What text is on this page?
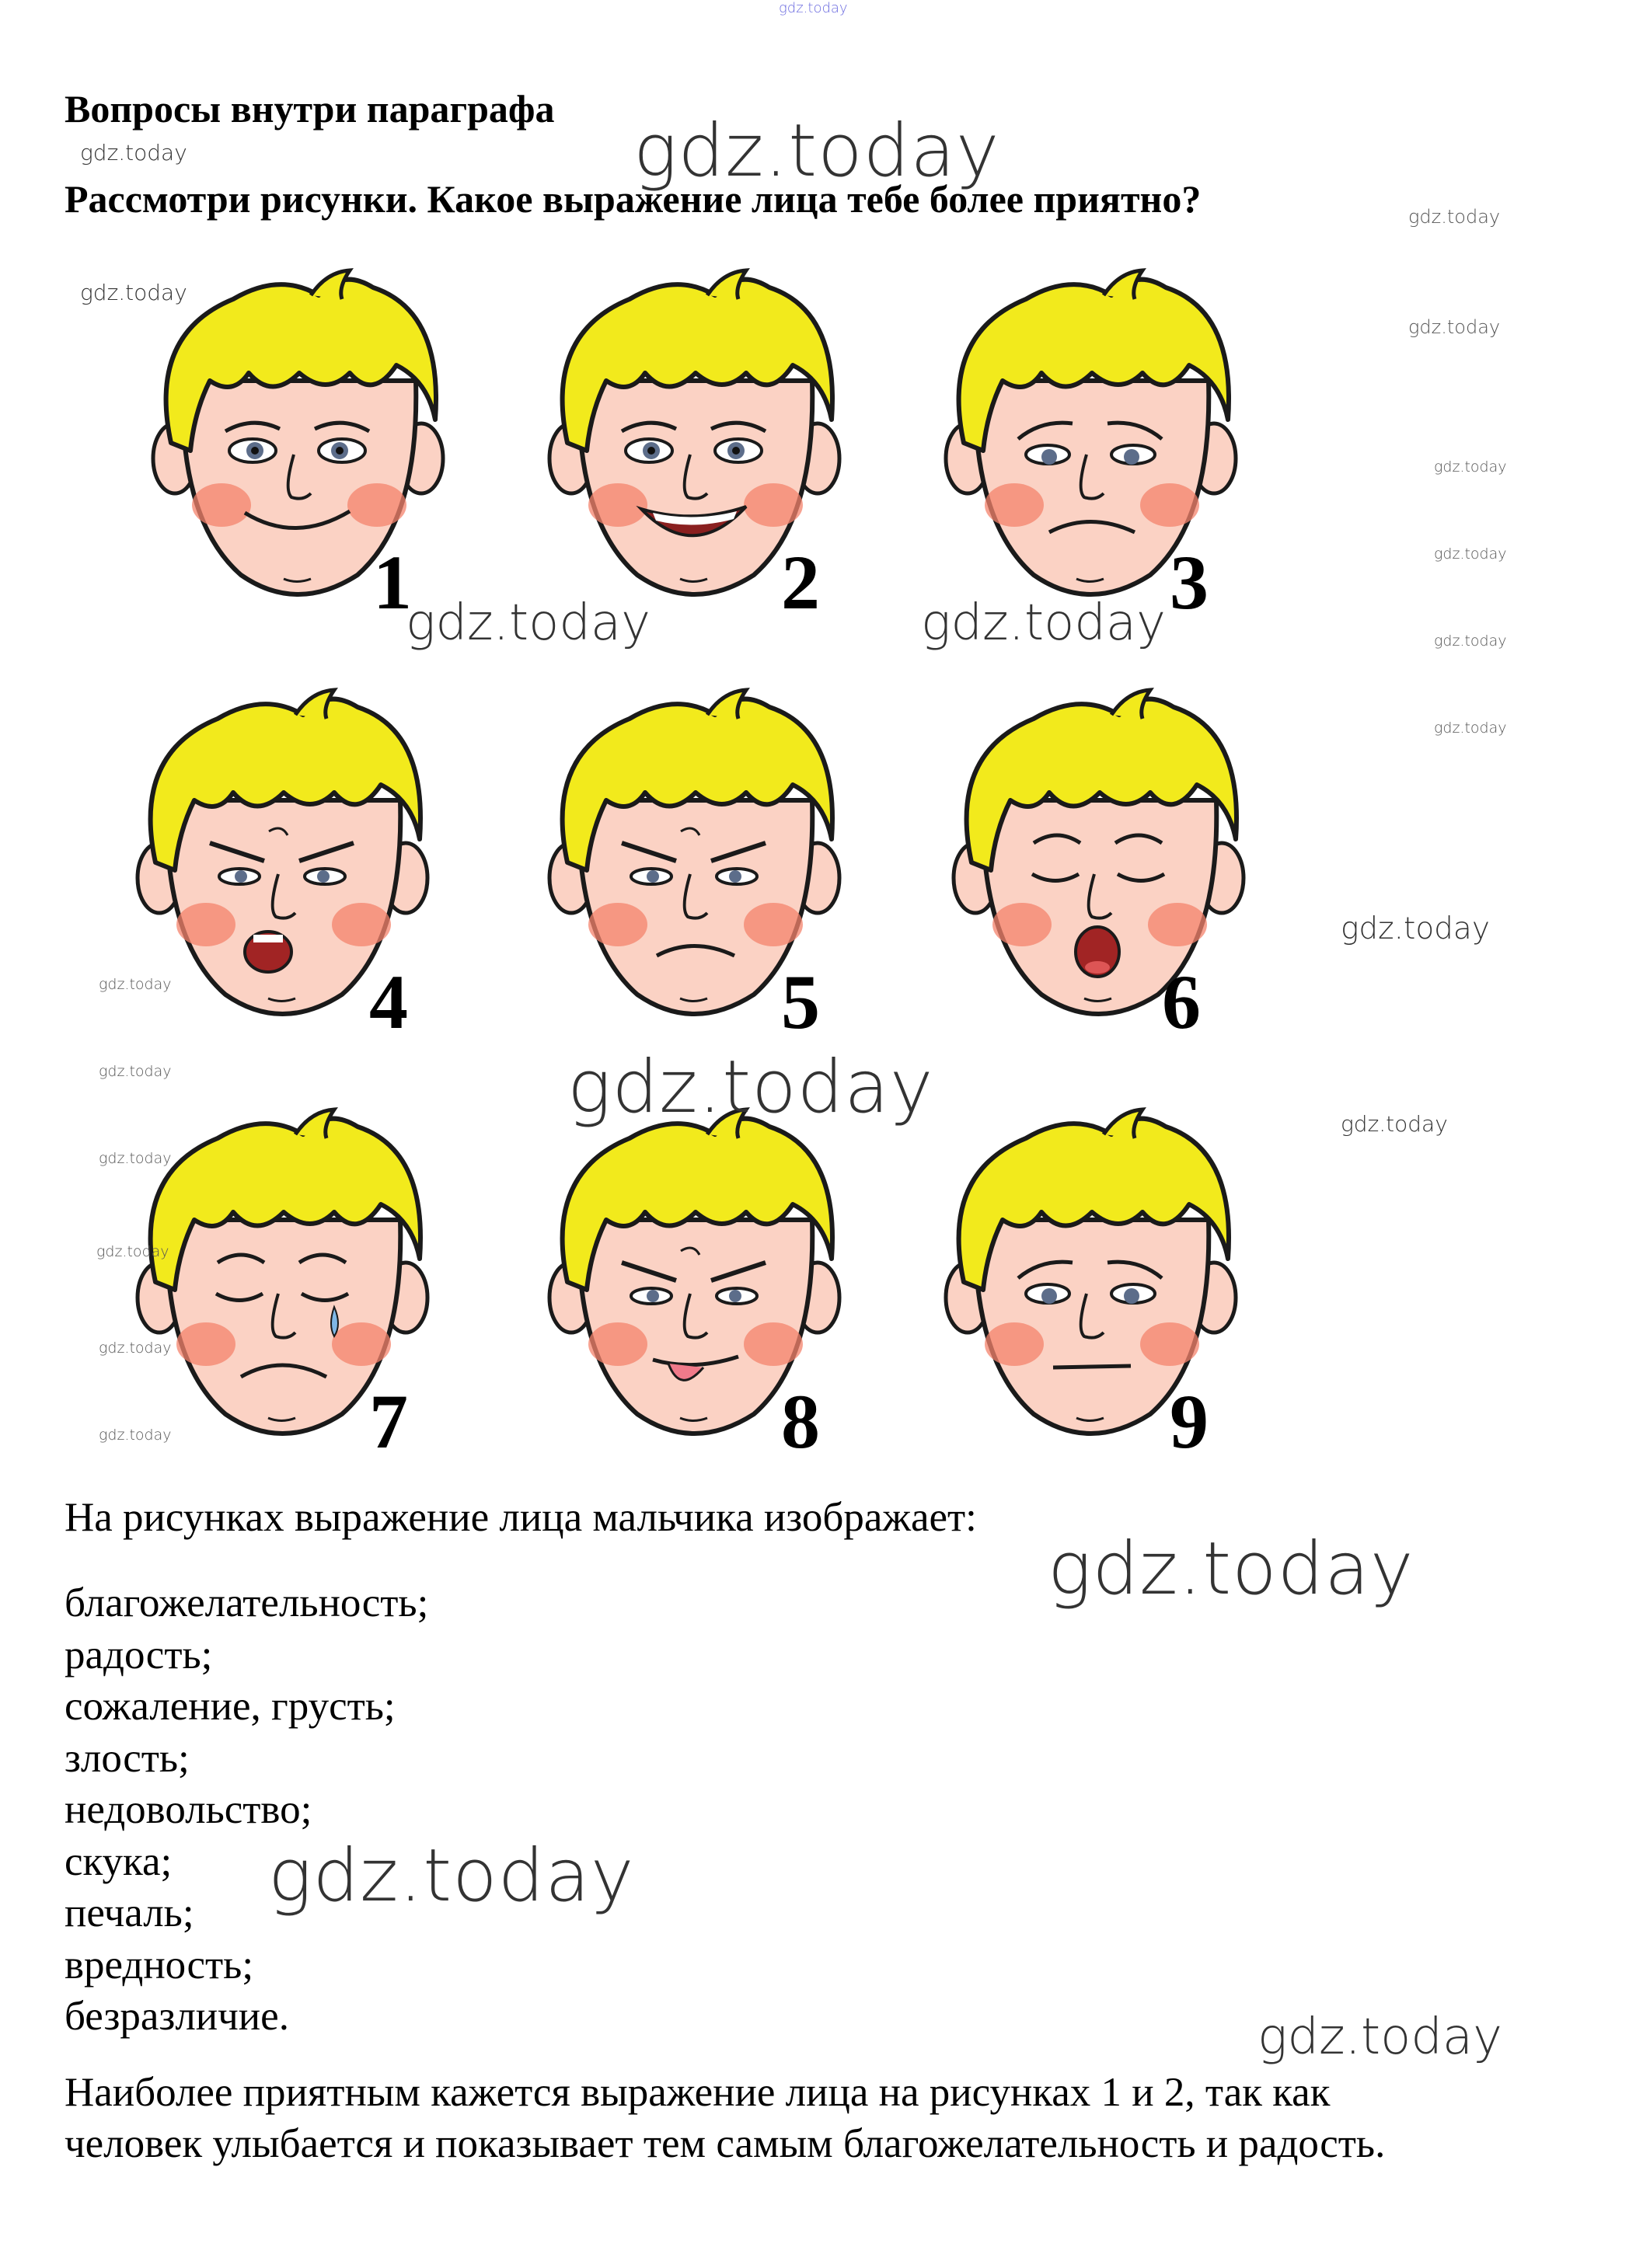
gdz.today
Вопросы внутри параграфа
Рассмотри рисунки. Какое выражение лица тебе более приятно?
1	2	3
4	5	6
7	8	9
На рисунках выражение лица мальчика изображает:
благожелательность;
радость;
сожаление, грусть;
злость;
недовольство;
скука;
печаль;
вредность;
безразличие.
Наиболее приятным кажется выражение лица на рисунках 1 и 2, так как
человек улыбается и показывает тем самым благожелательность и радость.
gdz.today
gdz.today
gdz.today
gdz.today
gdz.today	gdz.today
gdz.today
gdz.today
gdz.today
gdz.today
gdz.today
gdz.today
gdz.today
gdz.today
gdz.today
gdz.today
gdz.today
gdz.today
gdz.today
gdz.today
gdz.today
gdz.today
gdz.today
